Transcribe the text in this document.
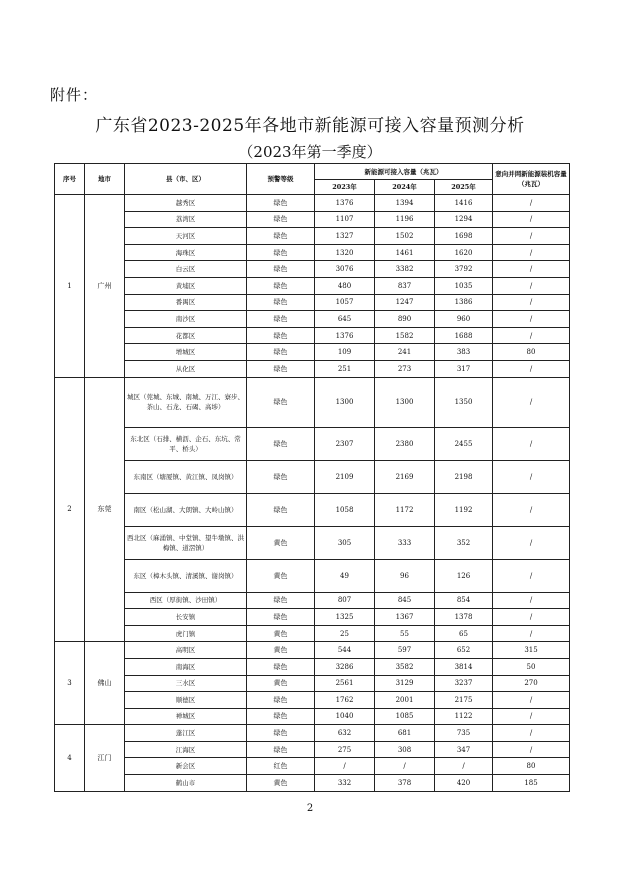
附件：
广东省2023-2025年各地市新能源可接入容量预测分析
（2023年第一季度）
序号	地市	县（市、区）	预警等级	新能源可接入容量（兆瓦）			意向并网新能源装机容量（兆瓦）
				2023年	2024年	2025年	
1	广州	越秀区	绿色	1376	1394	1416	/
		荔湾区	绿色	1107	1196	1294	/
		天河区	绿色	1327	1502	1698	/
		海珠区	绿色	1320	1461	1620	/
		白云区	绿色	3076	3382	3792	/
		黄埔区	绿色	480	837	1035	/
		番禺区	绿色	1057	1247	1386	/
		南沙区	绿色	645	890	960	/
		花都区	绿色	1376	1582	1688	/
		增城区	绿色	109	241	383	80
		从化区	绿色	251	273	317	/
2	东莞	城区（莞城、东城、南城、万江、寮步、茶山、石龙、石碣、高埗）	绿色	1300	1300	1350	/
		东北区（石排、横沥、企石、东坑、常平、桥头）	绿色	2307	2380	2455	/
		东南区（塘厦镇、黄江镇、凤岗镇）	绿色	2109	2169	2198	/
		南区（松山湖、大朗镇、大岭山镇）	绿色	1058	1172	1192	/
		西北区（麻涌镇、中堂镇、望牛墩镇、洪梅镇、道滘镇）	黄色	305	333	352	/
		东区（樟木头镇、清溪镇、谢岗镇）	黄色	49	96	126	/
		西区（厚街镇、沙田镇）	绿色	807	845	854	/
		长安镇	绿色	1325	1367	1378	/
		虎门镇	黄色	25	55	65	/
3	佛山	高明区	黄色	544	597	652	315
		南海区	绿色	3286	3582	3814	50
		三水区	黄色	2561	3129	3237	270
		顺德区	绿色	1762	2001	2175	/
		禅城区	绿色	1040	1085	1122	/
4	江门	蓬江区	绿色	632	681	735	/
		江海区	绿色	275	308	347	/
		新会区	红色	/	/	/	80
		鹤山市	黄色	332	378	420	185
2
